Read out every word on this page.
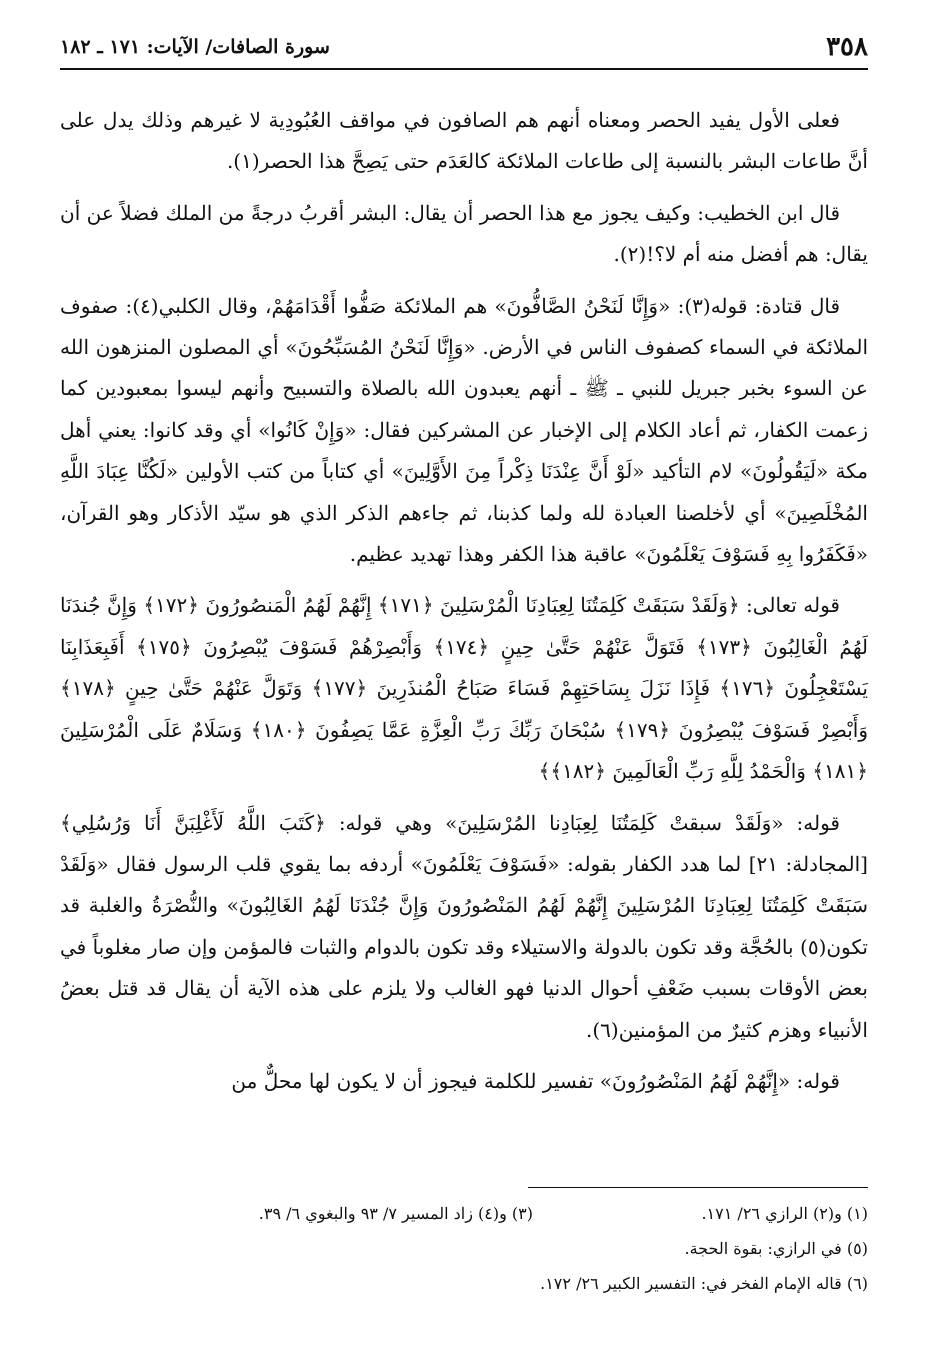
٣٥٨
سورة الصافات/ الآيات: ١٧١ ـ ١٨٢

فعلى الأول يفيد الحصر ومعناه أنهم هم الصافون في مواقف العُبُودِية لا غيرهم وذلك يدل على أنَّ طاعات البشر بالنسبة إلى طاعات الملائكة كالعَدَم حتى يَصِحَّ هذا الحصر(١).

قال ابن الخطيب: وكيف يجوز مع هذا الحصر أن يقال: البشر أقربُ درجةً من الملك فضلاً عن أن يقال: هم أفضل منه أم لا؟!(٢).

قال قتادة: قوله(٣): «وَإِنَّا لَنَحْنُ الصَّافُّونَ» هم الملائكة صَفُّوا أَقْدَامَهُمْ، وقال الكلبي(٤): صفوف الملائكة في السماء كصفوف الناس في الأرض. «وَإِنَّا لَنَحْنُ المُسَبِّحُونَ» أي المصلون المنزهون الله عن السوء بخبر جبريل للنبي ـ ﷺ ـ أنهم يعبدون الله بالصلاة والتسبيح وأنهم ليسوا بمعبودين كما زعمت الكفار، ثم أعاد الكلام إلى الإخبار عن المشركين فقال: «وَإِنْ كَانُوا» أي وقد كانوا: يعني أهل مكة «لَيَقُولُونَ» لام التأكيد «لَوْ أَنَّ عِنْدَنَا ذِكْراً مِنَ الأَوَّلِينَ» أي كتاباً من كتب الأولين «لَكُنَّا عِبَادَ اللَّهِ المُخْلَصِينَ» أي لأخلصنا العبادة لله ولما كذبنا، ثم جاءهم الذكر الذي هو سيّد الأذكار وهو القرآن، «فَكَفَرُوا بِهِ فَسَوْفَ يَعْلَمُونَ» عاقبة هذا الكفر وهذا تهديد عظيم.

قوله تعالى: ﴿وَلَقَدْ سَبَقَتْ كَلِمَتُنَا لِعِبَادِنَا الْمُرْسَلِينَ ﴿١٧١﴾ إِنَّهُمْ لَهُمُ الْمَنصُورُونَ ﴿١٧٢﴾ وَإِنَّ جُندَنَا لَهُمُ الْغَالِبُونَ ﴿١٧٣﴾ فَتَوَلَّ عَنْهُمْ حَتَّىٰ حِينٍ ﴿١٧٤﴾ وَأَبْصِرْهُمْ فَسَوْفَ يُبْصِرُونَ ﴿١٧٥﴾ أَفَبِعَذَابِنَا يَسْتَعْجِلُونَ ﴿١٧٦﴾ فَإِذَا نَزَلَ بِسَاحَتِهِمْ فَسَاءَ صَبَاحُ الْمُنذَرِينَ ﴿١٧٧﴾ وَتَوَلَّ عَنْهُمْ حَتَّىٰ حِينٍ ﴿١٧٨﴾ وَأَبْصِرْ فَسَوْفَ يُبْصِرُونَ ﴿١٧٩﴾ سُبْحَانَ رَبِّكَ رَبِّ الْعِزَّةِ عَمَّا يَصِفُونَ ﴿١٨٠﴾ وَسَلَامٌ عَلَى الْمُرْسَلِينَ ﴿١٨١﴾ وَالْحَمْدُ لِلَّهِ رَبِّ الْعَالَمِينَ ﴿١٨٢﴾﴾

قوله: «وَلَقَدْ سبقتْ كَلِمَتُنَا لِعِبَادِنا المُرْسَلِينَ» وهي قوله: ﴿كَتَبَ اللَّهُ لَأَغْلِبَنَّ أَنَا وَرُسُلِي﴾ [المجادلة: ٢١] لما هدد الكفار بقوله: «فَسَوْفَ يَعْلَمُونَ» أردفه بما يقوي قلب الرسول فقال «وَلَقَدْ سَبَقَتْ كَلِمَتُنَا لِعِبَادِنَا المُرْسَلِينَ إِنَّهُمْ لَهُمُ المَنْصُورُونَ وَإِنَّ جُنْدَنَا لَهُمُ الغَالِبُونَ» والنُّصْرَةُ والغلبة قد تكون(٥) بالحُجَّة وقد تكون بالدولة والاستيلاء وقد تكون بالدوام والثبات فالمؤمن وإن صار مغلوباً في بعض الأوقات بسبب ضَعْفِ أحوال الدنيا فهو الغالب ولا يلزم على هذه الآية أن يقال قد قتل بعضُ الأنبياء وهزم كثيرٌ من المؤمنين(٦).

قوله: «إِنَّهُمْ لَهُمُ المَنْصُورُونَ» تفسير للكلمة فيجوز أن لا يكون لها محلٌّ من

(١) و(٢) الرازي ٢٦/ ١٧١.
(٣) و(٤) زاد المسير ٧/ ٩٣ والبغوي ٦/ ٣٩.
(٥) في الرازي: بقوة الحجة.
(٦) قاله الإمام الفخر في: التفسير الكبير ٢٦/ ١٧٢.
